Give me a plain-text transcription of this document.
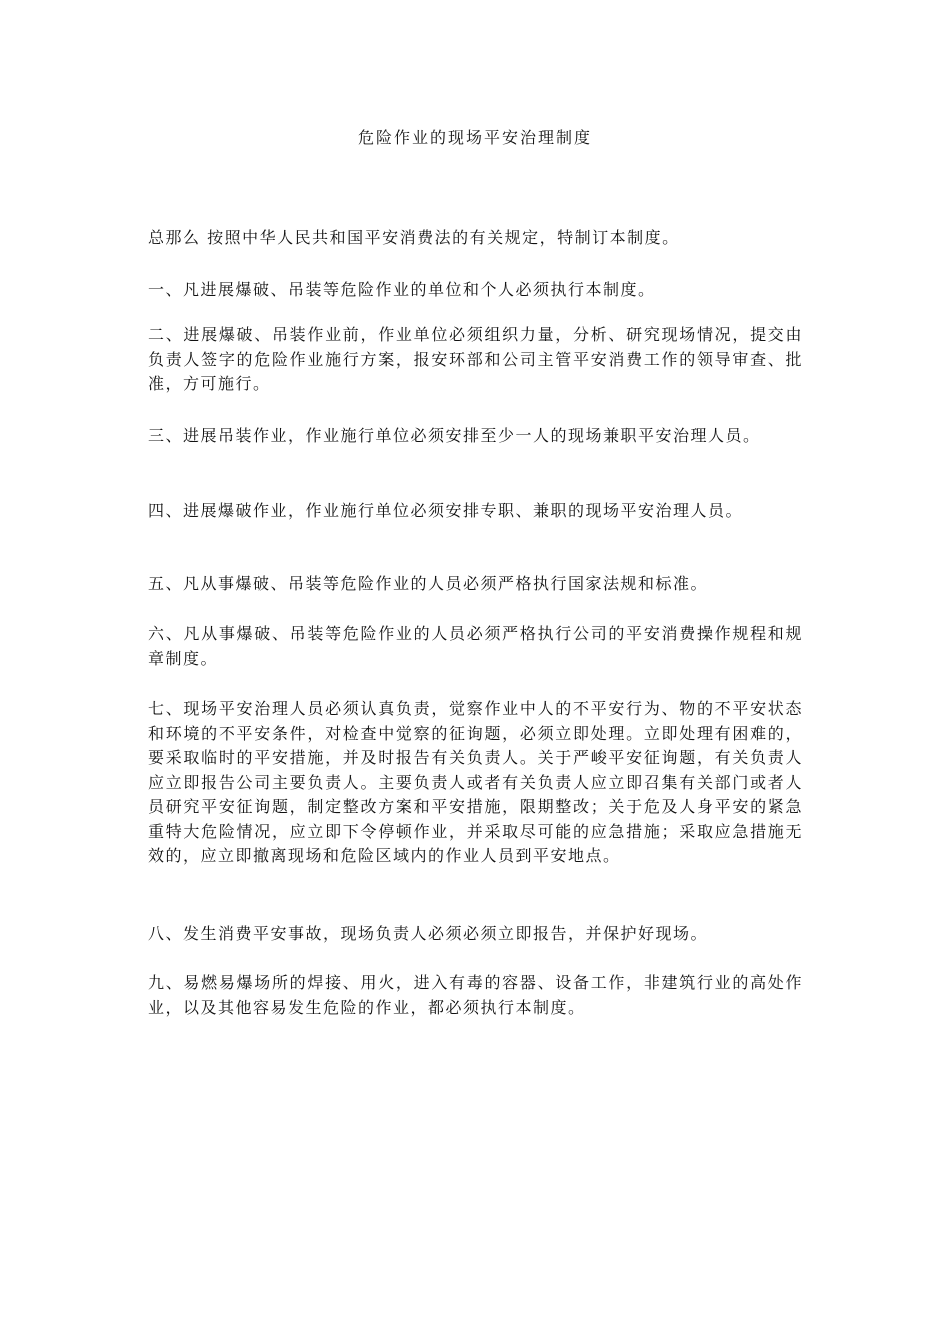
危险作业的现场平安治理制度
总那么 按照中华人民共和国平安消费法的有关规定，特制订本制度。
一、凡进展爆破、吊装等危险作业的单位和个人必须执行本制度。
二、进展爆破、吊装作业前，作业单位必须组织力量，分析、研究现场情况，提交由负责人签字的危险作业施行方案，报安环部和公司主管平安消费工作的领导审查、批准，方可施行。
三、进展吊装作业，作业施行单位必须安排至少一人的现场兼职平安治理人员。
四、进展爆破作业，作业施行单位必须安排专职、兼职的现场平安治理人员。
五、凡从事爆破、吊装等危险作业的人员必须严格执行国家法规和标准。
六、凡从事爆破、吊装等危险作业的人员必须严格执行公司的平安消费操作规程和规章制度。
七、现场平安治理人员必须认真负责，觉察作业中人的不平安行为、物的不平安状态和环境的不平安条件，对检查中觉察的征询题，必须立即处理。立即处理有困难的，要采取临时的平安措施，并及时报告有关负责人。关于严峻平安征询题，有关负责人应立即报告公司主要负责人。主要负责人或者有关负责人应立即召集有关部门或者人员研究平安征询题，制定整改方案和平安措施，限期整改；关于危及人身平安的紧急重特大危险情况，应立即下令停顿作业，并采取尽可能的应急措施；采取应急措施无效的，应立即撤离现场和危险区域内的作业人员到平安地点。
八、发生消费平安事故，现场负责人必须必须立即报告，并保护好现场。
九、易燃易爆场所的焊接、用火，进入有毒的容器、设备工作，非建筑行业的高处作业，以及其他容易发生危险的作业，都必须执行本制度。
